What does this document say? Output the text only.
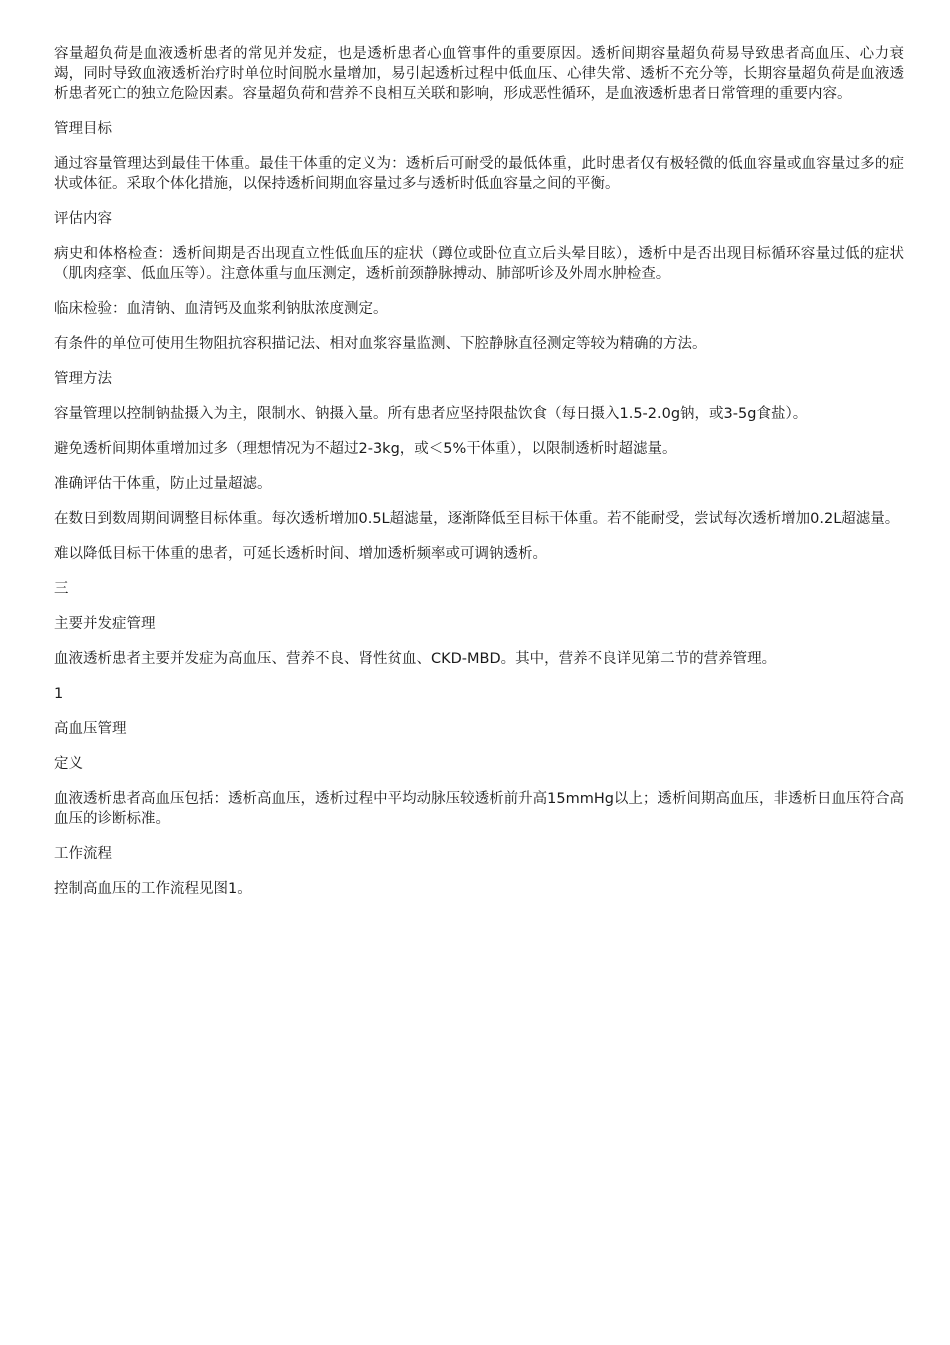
容量超负荷是血液透析患者的常见并发症，也是透析患者心血管事件的重要原因。透析间期容量超负荷易导致患者高血压、心力衰竭，同时导致血液透析治疗时单位时间脱水量增加，易引起透析过程中低血压、心律失常、透析不充分等，长期容量超负荷是血液透析患者死亡的独立危险因素。容量超负荷和营养不良相互关联和影响，形成恶性循环，是血液透析患者日常管理的重要内容。

管理目标

通过容量管理达到最佳干体重。最佳干体重的定义为：透析后可耐受的最低体重，此时患者仅有极轻微的低血容量或血容量过多的症状或体征。采取个体化措施，以保持透析间期血容量过多与透析时低血容量之间的平衡。

评估内容

病史和体格检查：透析间期是否出现直立性低血压的症状（蹲位或卧位直立后头晕目眩），透析中是否出现目标循环容量过低的症状（肌肉痉挛、低血压等）。注意体重与血压测定，透析前颈静脉搏动、肺部听诊及外周水肿检查。

临床检验：血清钠、血清钙及血浆利钠肽浓度测定。

有条件的单位可使用生物阻抗容积描记法、相对血浆容量监测、下腔静脉直径测定等较为精确的方法。

管理方法

容量管理以控制钠盐摄入为主，限制水、钠摄入量。所有患者应坚持限盐饮食（每日摄入1.5-2.0g钠，或3-5g食盐）。

避免透析间期体重增加过多（理想情况为不超过2-3kg，或＜5%干体重），以限制透析时超滤量。

准确评估干体重，防止过量超滤。

在数日到数周期间调整目标体重。每次透析增加0.5L超滤量，逐渐降低至目标干体重。若不能耐受，尝试每次透析增加0.2L超滤量。

难以降低目标干体重的患者，可延长透析时间、增加透析频率或可调钠透析。

三

主要并发症管理

血液透析患者主要并发症为高血压、营养不良、肾性贫血、CKD-MBD。其中，营养不良详见第二节的营养管理。

1

高血压管理

定义

血液透析患者高血压包括：透析高血压，透析过程中平均动脉压较透析前升高15mmHg以上；透析间期高血压，非透析日血压符合高血压的诊断标准。

工作流程

控制高血压的工作流程见图1。
